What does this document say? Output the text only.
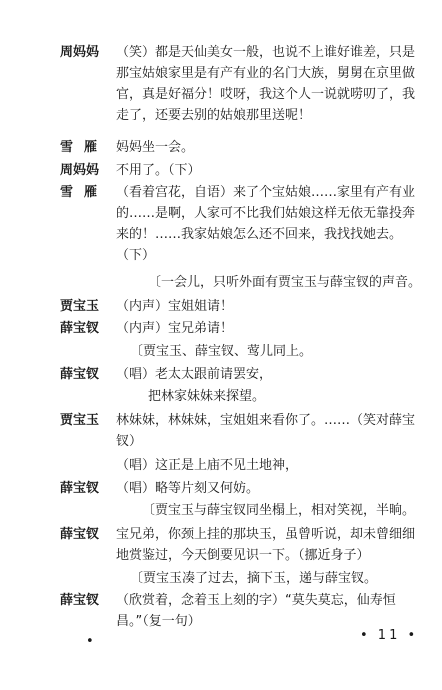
周妈妈	（笑）都是天仙美女一般，也说不上谁好谁差，只是那宝姑娘家里是有产有业的名门大族，舅舅在京里做官，真是好福分！哎呀，我这个人一说就唠叨了，我走了，还要去别的姑娘那里送呢！
雪雁 妈妈坐一会。
周妈妈	不用了。（下）
雪雁 （看着宫花，自语）来了个宝姑娘……家里有产有业的……是啊，人家可不比我们姑娘这样无依无靠投奔来的！……我家姑娘怎么还不回来，我找找她去。（下）
〔一会儿，只听外面有贾宝玉与薛宝钗的声音。
贾宝玉	（内声）宝姐姐请！
薛宝钗	（内声）宝兄弟请！
〔贾宝玉、薛宝钗、莺儿同上。
薛宝钗	（唱）老太太跟前请罢安，
把林家妹妹来探望。
贾宝玉	林妹妹，林妹妹，宝姐姐来看你了。……（笑对薛宝钗）
（唱）这正是上庙不见土地神，
薛宝钗	（唱）略等片刻又何妨。
〔贾宝玉与薛宝钗同坐榻上，相对笑视，半晌。
薛宝钗	宝兄弟，你颈上挂的那块玉，虽曾听说，却未曾细细地赏鉴过，今天倒要见识一下。（挪近身子）
〔贾宝玉凑了过去，摘下玉，递与薛宝钗。
薛宝钗	（欣赏着，念着玉上刻的字）“莫失莫忘，仙寿恒昌。”（复一句）
•	• 11 •
